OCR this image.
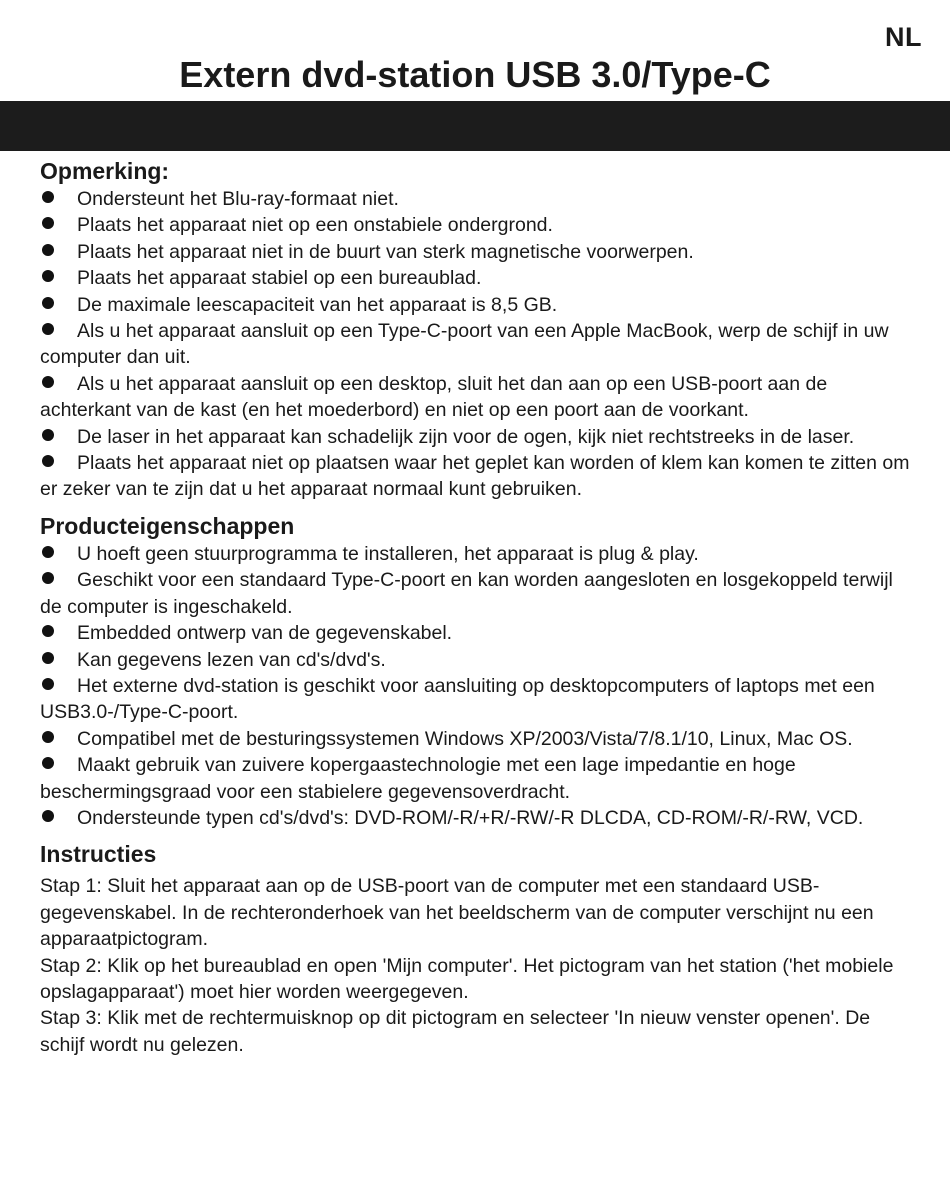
NL
Extern dvd-station USB 3.0/Type-C
Opmerking:
Ondersteunt het Blu-ray-formaat niet.
Plaats het apparaat niet op een onstabiele ondergrond.
Plaats het apparaat niet in de buurt van sterk magnetische voorwerpen.
Plaats het apparaat stabiel op een bureaublad.
De maximale leescapaciteit van het apparaat is 8,5 GB.
Als u het apparaat aansluit op een Type-C-poort van een Apple MacBook, werp de schijf in uw computer dan uit.
Als u het apparaat aansluit op een desktop, sluit het dan aan op een USB-poort aan de achterkant van de kast (en het moederbord) en niet op een poort aan de voorkant.
De laser in het apparaat kan schadelijk zijn voor de ogen, kijk niet rechtstreeks in de laser.
Plaats het apparaat niet op plaatsen waar het geplet kan worden of klem kan komen te zitten om er zeker van te zijn dat u het apparaat normaal kunt gebruiken.
Producteigenschappen
U hoeft geen stuurprogramma te installeren, het apparaat is plug & play.
Geschikt voor een standaard Type-C-poort en kan worden aangesloten en losgekoppeld terwijl de computer is ingeschakeld.
Embedded ontwerp van de gegevenskabel.
Kan gegevens lezen van cd's/dvd's.
Het externe dvd-station is geschikt voor aansluiting op desktopcomputers of laptops met een USB3.0-/Type-C-poort.
Compatibel met de besturingssystemen Windows XP/2003/Vista/7/8.1/10, Linux, Mac OS.
Maakt gebruik van zuivere kopergaastechnologie met een lage impedantie en hoge beschermingsgraad voor een stabielere gegevensoverdracht.
Ondersteunde typen cd's/dvd's: DVD-ROM/-R/+R/-RW/-R DLCDA, CD-ROM/-R/-RW, VCD.
Instructies

Stap 1: Sluit het apparaat aan op de USB-poort van de computer met een standaard USB-gegevenskabel. In de rechteronderhoek van het beeldscherm van de computer verschijnt nu een apparaatpictogram.

Stap 2: Klik op het bureaublad en open 'Mijn computer'. Het pictogram van het station ('het mobiele opslagapparaat') moet hier worden weergegeven.

Stap 3: Klik met de rechtermuisknop op dit pictogram en selecteer 'In nieuw venster openen'. De schijf wordt nu gelezen.
